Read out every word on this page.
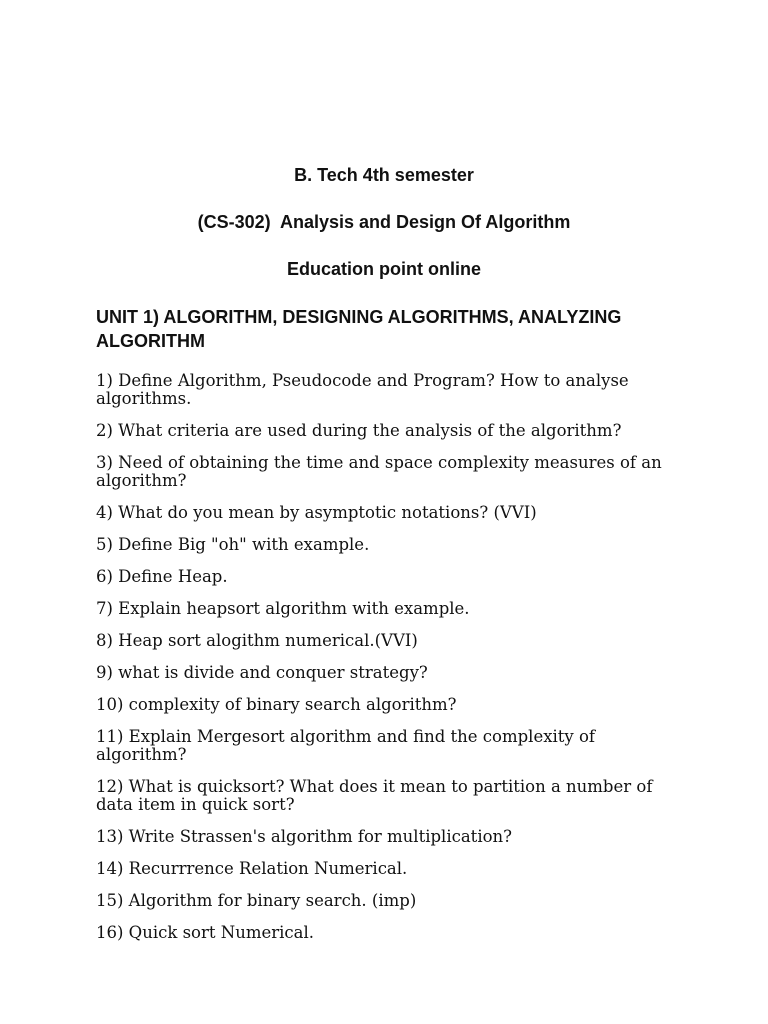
B. Tech 4th semester
(CS-302)  Analysis and Design Of Algorithm
Education point online
UNIT 1) ALGORITHM, DESIGNING ALGORITHMS, ANALYZING ALGORITHM
1) Define Algorithm, Pseudocode and Program? How to analyse algorithms.
2) What criteria are used during the analysis of the algorithm?
3) Need of obtaining the time and space complexity measures of an algorithm?
4) What do you mean by asymptotic notations? (VVI)
5) Define Big "oh" with example.
6) Define Heap.
7) Explain heapsort algorithm with example.
8) Heap sort alogithm numerical.(VVI)
9) what is divide and conquer strategy?
10) complexity of binary search algorithm?
11) Explain Mergesort algorithm and find the complexity of algorithm?
12) What is quicksort? What does it mean to partition a number of data item in quick sort?
13) Write Strassen's algorithm for multiplication?
14) Recurrrence Relation Numerical.
15) Algorithm for binary search. (imp)
16) Quick sort Numerical.
